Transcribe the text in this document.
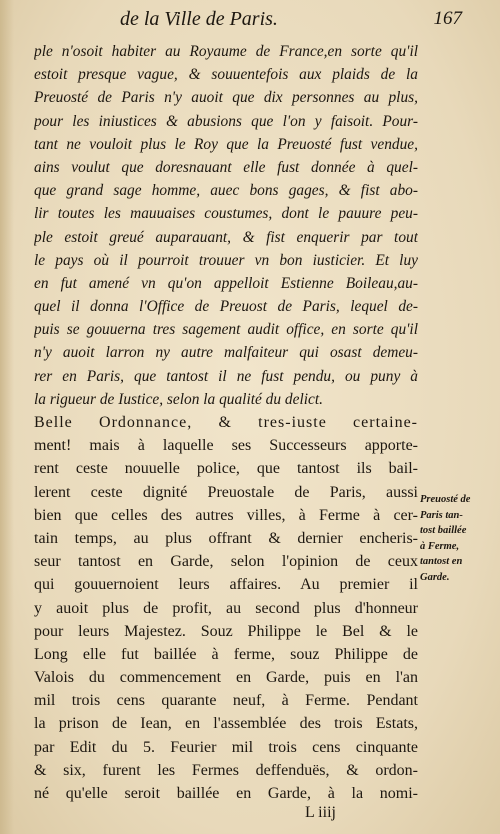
de la Ville de Paris.	167
ple n'osoit habiter au Royaume de France,en sorte qu'il
estoit presque vague, & souuentefois aux plaids de la
Preuosté de Paris n'y auoit que dix personnes au plus,
pour les iniustices & abusions que l'on y faisoit. Pour-
tant ne vouloit plus le Roy que la Preuosté fust vendue,
ains voulut que doresnauant elle fust donnée à quel-
que grand sage homme, auec bons gages, & fist abo-
lir toutes les mauuaises coustumes, dont le pauure peu-
ple estoit greué auparauant, & fist enquerir par tout
le pays où il pourroit trouuer vn bon iusticier. Et luy
en fut amené vn qu'on appelloit Estienne Boileau,au-
quel il donna l'Office de Preuost de Paris, lequel de-
puis se gouuerna tres sagement audit office, en sorte qu'il
n'y auoit larron ny autre malfaiteur qui osast demeu-
rer en Paris, que tantost il ne fust pendu, ou puny à
la rigueur de Iustice, selon la qualité du delict.
Belle Ordonnance, & tres-iuste certaine-
ment! mais à laquelle ses Successeurs apporte-
rent ceste nouuelle police, que tantost ils bail-
lerent ceste dignité Preuostale de Paris, aussi
bien que celles des autres villes, à Ferme à cer-
tain temps, au plus offrant & dernier encheris-
seur tantost en Garde, selon l'opinion de ceux
qui gouuernoient leurs affaires. Au premier il
y auoit plus de profit, au second plus d'honneur
pour leurs Majestez. Souz Philippe le Bel & le
Long elle fut baillée à ferme, souz Philippe de
Valois du commencement en Garde, puis en l'an
mil trois cens quarante neuf, à Ferme. Pendant
la prison de Iean, en l'assemblée des trois Estats,
par Edit du 5. Feurier mil trois cens cinquante
& six, furent les Fermes deffenduës, & ordon-
né qu'elle seroit baillée en Garde, à la nomi-
Preuosté de
Paris tan-
tost baillée
à Ferme,
tantost en
Garde.
L iiij
